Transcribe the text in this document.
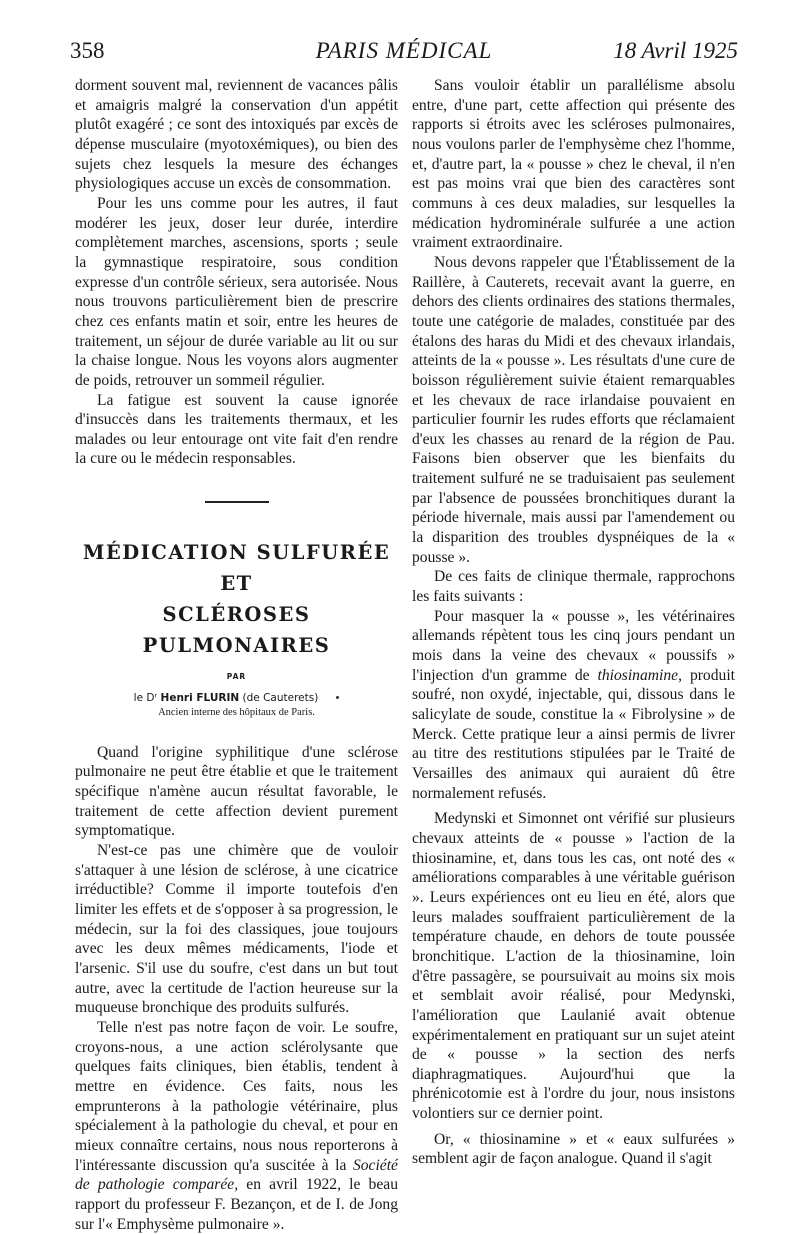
358	PARIS MÉDICAL	18 Avril 1925

dorment souvent mal, reviennent de vacances pâlis et amaigris malgré la conservation d'un appétit plutôt exagéré ; ce sont des intoxiqués par excès de dépense musculaire (myotoxémiques), ou bien des sujets chez lesquels la mesure des échanges physiologiques accuse un excès de consommation.

Pour les uns comme pour les autres, il faut modérer les jeux, doser leur durée, interdire complètement marches, ascensions, sports ; seule la gymnastique respiratoire, sous condition expresse d'un contrôle sérieux, sera autorisée. Nous nous trouvons particulièrement bien de prescrire chez ces enfants matin et soir, entre les heures de traitement, un séjour de durée variable au lit ou sur la chaise longue. Nous les voyons alors augmenter de poids, retrouver un sommeil régulier.

La fatigue est souvent la cause ignorée d'insuccès dans les traitements thermaux, et les malades ou leur entourage ont vite fait d'en rendre la cure ou le médecin responsables.

MÉDICATION SULFURÉE ET
SCLÉROSES PULMONAIRES
PAR
le Dʳ Henri FLURIN (de Cauterets)
Ancien interne des hôpitaux de Paris.

Quand l'origine syphilitique d'une sclérose pulmonaire ne peut être établie et que le traitement spécifique n'amène aucun résultat favorable, le traitement de cette affection devient purement symptomatique.

N'est-ce pas une chimère que de vouloir s'attaquer à une lésion de sclérose, à une cicatrice irréductible? Comme il importe toutefois d'en limiter les effets et de s'opposer à sa progression, le médecin, sur la foi des classiques, joue toujours avec les deux mêmes médicaments, l'iode et l'arsenic. S'il use du soufre, c'est dans un but tout autre, avec la certitude de l'action heureuse sur la muqueuse bronchique des produits sulfurés.

Telle n'est pas notre façon de voir. Le soufre, croyons-nous, a une action sclérolysante que quelques faits cliniques, bien établis, tendent à mettre en évidence. Ces faits, nous les emprunterons à la pathologie vétérinaire, plus spécialement à la pathologie du cheval, et pour en mieux connaître certains, nous nous reporterons à l'intéressante discussion qu'a suscitée à la Société de pathologie comparée, en avril 1922, le beau rapport du professeur F. Bezançon, et de I. de Jong sur l'« Emphysème pulmonaire ».

Sans vouloir établir un parallélisme absolu entre, d'une part, cette affection qui présente des rapports si étroits avec les scléroses pulmonaires, nous voulons parler de l'emphysème chez l'homme, et, d'autre part, la « pousse » chez le cheval, il n'en est pas moins vrai que bien des caractères sont communs à ces deux maladies, sur lesquelles la médication hydrominérale sulfurée a une action vraiment extraordinaire.

Nous devons rappeler que l'Établissement de la Raillère, à Cauterets, recevait avant la guerre, en dehors des clients ordinaires des stations thermales, toute une catégorie de malades, constituée par des étalons des haras du Midi et des chevaux irlandais, atteints de la « pousse ». Les résultats d'une cure de boisson régulièrement suivie étaient remarquables et les chevaux de race irlandaise pouvaient en particulier fournir les rudes efforts que réclamaient d'eux les chasses au renard de la région de Pau. Faisons bien observer que les bienfaits du traitement sulfuré ne se traduisaient pas seulement par l'absence de poussées bronchitiques durant la période hivernale, mais aussi par l'amendement ou la disparition des troubles dyspnéiques de la « pousse ».

De ces faits de clinique thermale, rapprochons les faits suivants :

Pour masquer la « pousse », les vétérinaires allemands répètent tous les cinq jours pendant un mois dans la veine des chevaux « poussifs » l'injection d'un gramme de thiosinamine, produit soufré, non oxydé, injectable, qui, dissous dans le salicylate de soude, constitue la « Fibrolysine » de Merck. Cette pratique leur a ainsi permis de livrer au titre des restitutions stipulées par le Traité de Versailles des animaux qui auraient dû être normalement refusés.

Medynski et Simonnet ont vérifié sur plusieurs chevaux atteints de « pousse » l'action de la thiosinamine, et, dans tous les cas, ont noté des « améliorations comparables à une véritable guérison ». Leurs expériences ont eu lieu en été, alors que leurs malades souffraient particulièrement de la température chaude, en dehors de toute poussée bronchitique. L'action de la thiosinamine, loin d'être passagère, se poursuivait au moins six mois et semblait avoir réalisé, pour Medynski, l'amélioration que Laulanié avait obtenue expérimentalement en pratiquant sur un sujet ateint de « pousse » la section des nerfs diaphragmatiques. Aujourd'hui que la phrénicotomie est à l'ordre du jour, nous insistons volontiers sur ce dernier point.

Or, « thiosinamine » et « eaux sulfurées » semblent agir de façon analogue. Quand il s'agit
